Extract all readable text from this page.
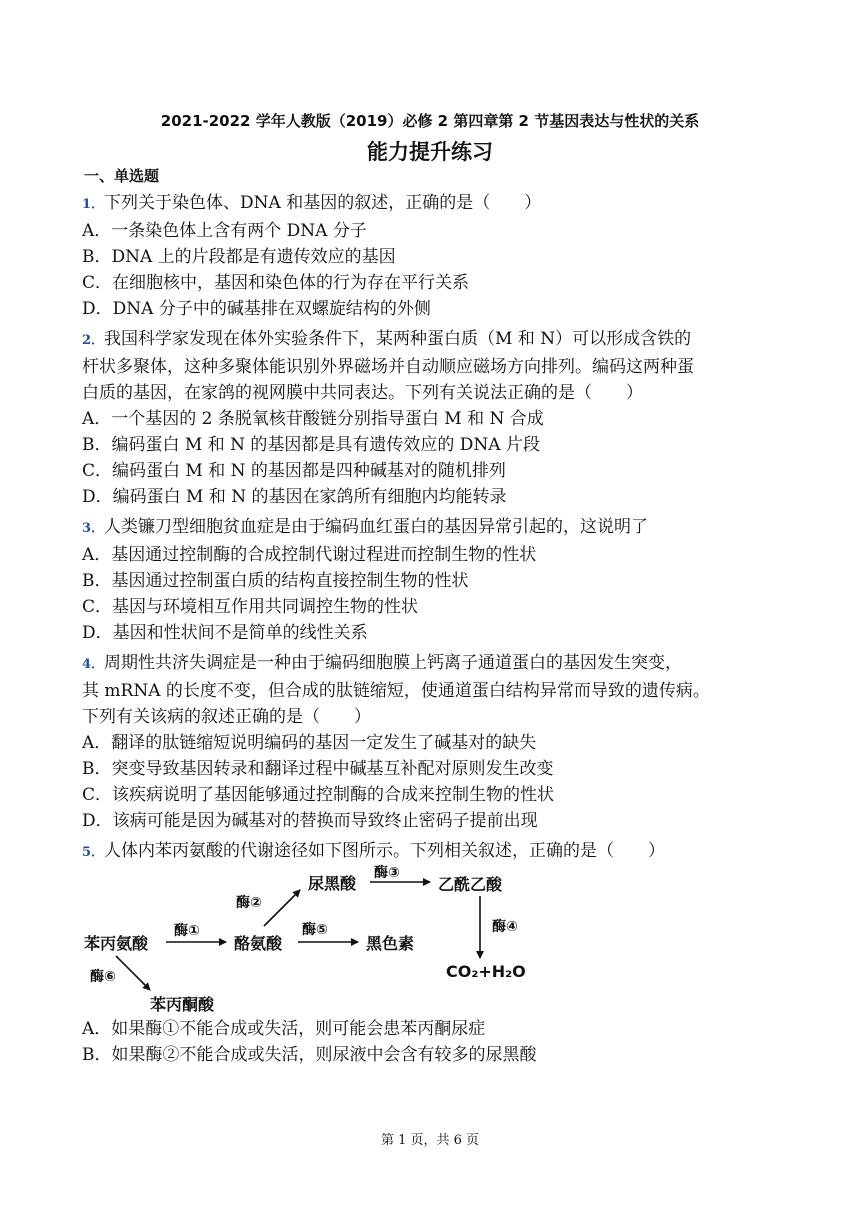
2021-2022 学年人教版（2019）必修 2 第四章第 2 节基因表达与性状的关系
能力提升练习
一、单选题
1．下列关于染色体、DNA 和基因的叙述，正确的是（　　）
A．一条染色体上含有两个 DNA 分子
B．DNA 上的片段都是有遗传效应的基因
C．在细胞核中，基因和染色体的行为存在平行关系
D．DNA 分子中的碱基排在双螺旋结构的外侧
2．我国科学家发现在体外实验条件下，某两种蛋白质（M 和 N）可以形成含铁的
杆状多聚体，这种多聚体能识别外界磁场并自动顺应磁场方向排列。编码这两种蛋
白质的基因，在家鸽的视网膜中共同表达。下列有关说法正确的是（　　）
A．一个基因的 2 条脱氧核苷酸链分别指导蛋白 M 和 N 合成
B．编码蛋白 M 和 N 的基因都是具有遗传效应的 DNA 片段
C．编码蛋白 M 和 N 的基因都是四种碱基对的随机排列
D．编码蛋白 M 和 N 的基因在家鸽所有细胞内均能转录
3．人类镰刀型细胞贫血症是由于编码血红蛋白的基因异常引起的，这说明了
A．基因通过控制酶的合成控制代谢过程进而控制生物的性状
B．基因通过控制蛋白质的结构直接控制生物的性状
C．基因与环境相互作用共同调控生物的性状
D．基因和性状间不是简单的线性关系
4．周期性共济失调症是一种由于编码细胞膜上钙离子通道蛋白的基因发生突变，
其 mRNA 的长度不变，但合成的肽链缩短，使通道蛋白结构异常而导致的遗传病。
下列有关该病的叙述正确的是（　　）
A．翻译的肽链缩短说明编码的基因一定发生了碱基对的缺失
B．突变导致基因转录和翻译过程中碱基互补配对原则发生改变
C．该疾病说明了基因能够通过控制酶的合成来控制生物的性状
D．该病可能是因为碱基对的替换而导致终止密码子提前出现
5．人体内苯丙氨酸的代谢途径如下图所示。下列相关叙述，正确的是（　　）
苯丙氨酸	酪氨酸
尿黑酸	乙酰乙酸
黑色素
苯丙酮酸
CO₂+H₂O
酶①
酶②
酶③
酶④
酶⑤
酶⑥
A．如果酶①不能合成或失活，则可能会患苯丙酮尿症
B．如果酶②不能合成或失活，则尿液中会含有较多的尿黑酸
第 1 页，共 6 页
